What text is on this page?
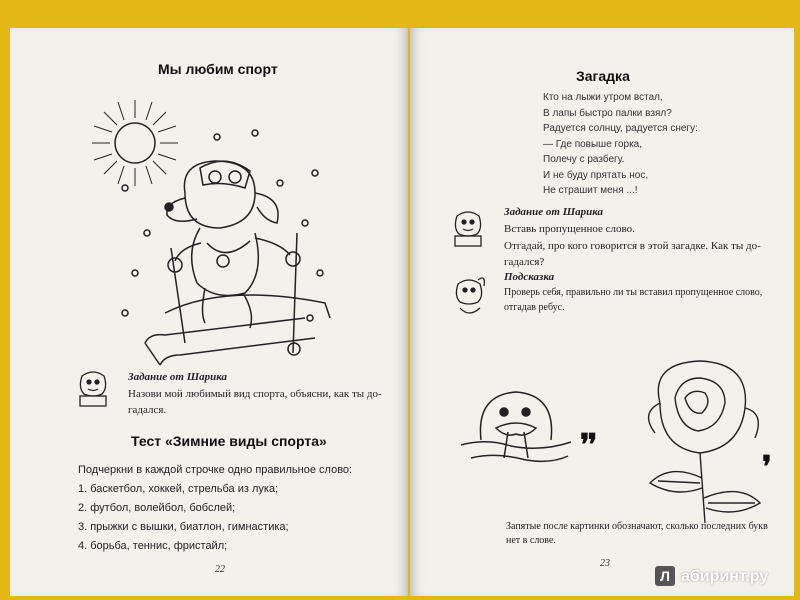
Мы любим спорт
Задание от Шарика
Назови мой любимый вид спорта, объясни, как ты до-
гадался.
Тест «Зимние виды спорта»
Подчеркни в каждой строчке одно правильное слово:
1. баскетбол, хоккей, стрельба из лука;
2. футбол, волейбол, бобслей;
3. прыжки с вышки, биатлон, гимнастика;
4. борьба, теннис, фристайл;
22
Загадка
Кто на лыжи утром встал,
В лапы быстро палки взял?
Радуется солнцу, радуется снегу:
— Где повыше горка,
Полечу с разбегу.
И не буду прятать нос,
Не страшит меня ...!
Задание от Шарика
Вставь пропущенное слово.
Отгадай, про кого говорится в этой загадке. Как ты до-
гадался?
Подсказка
Проверь себя, правильно ли ты вставил пропущенное слово,
отгадав ребус.
❜❜
❜
Запятые после картинки обозначают, сколько последних букв
нет в слове.
23
Л абиринт.ру
